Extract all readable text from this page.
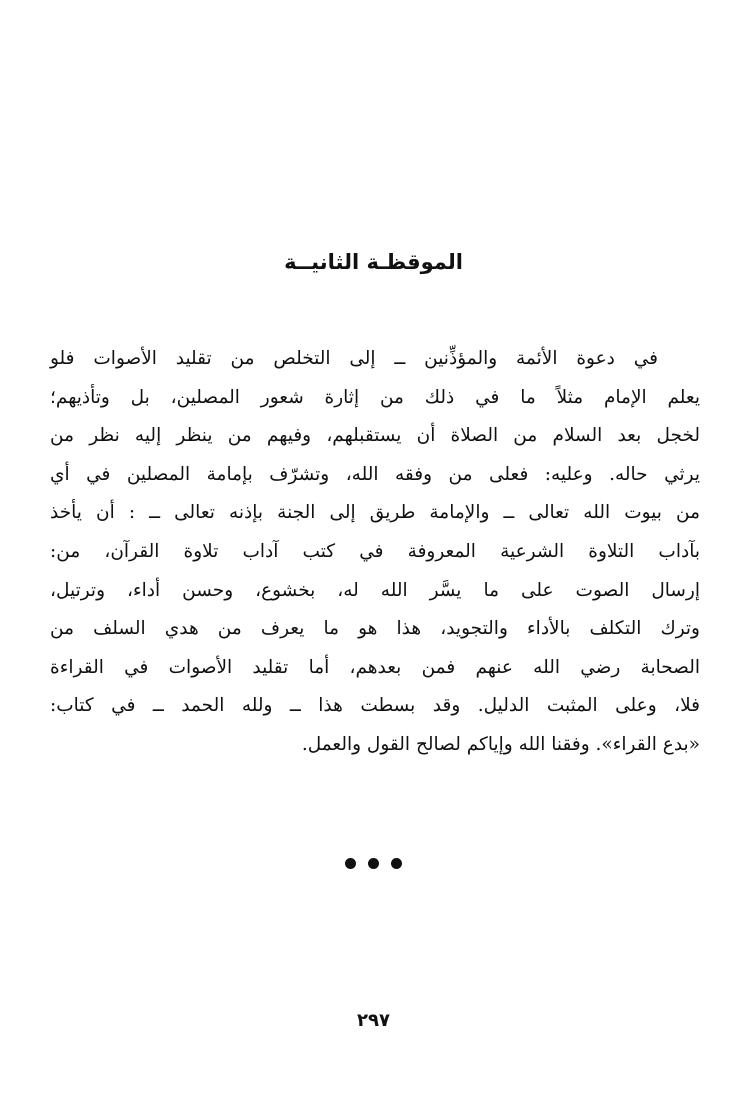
الموقظـة الثانيــة
في دعوة الأئمة والمؤذِّنين ــ إلى التخلص من تقليد الأصوات فلو
يعلم الإمام مثلاً ما في ذلك من إثارة شعور المصلين، بل وتأذيهم؛
لخجل بعد السلام من الصلاة أن يستقبلهم، وفيهم من ينظر إليه نظر من
يرثي حاله. وعليه: فعلى من وفقه الله، وتشرّف بإمامة المصلين في أي
من بيوت الله تعالى ــ والإمامة طريق إلى الجنة بإذنه تعالى ــ : أن يأخذ
بآداب التلاوة الشرعية المعروفة في كتب آداب تلاوة القرآن، من:
إرسال الصوت على ما يسَّر الله له، بخشوع، وحسن أداء، وترتيل،
وترك التكلف بالأداء والتجويد، هذا هو ما يعرف من هدي السلف من
الصحابة رضي الله عنهم فمن بعدهم، أما تقليد الأصوات في القراءة
فلا، وعلى المثبت الدليل. وقد بسطت هذا ــ ولله الحمد ــ في كتاب:
«بدع القراء». وفقنا الله وإياكم لصالح القول والعمل.

٢٩٧
